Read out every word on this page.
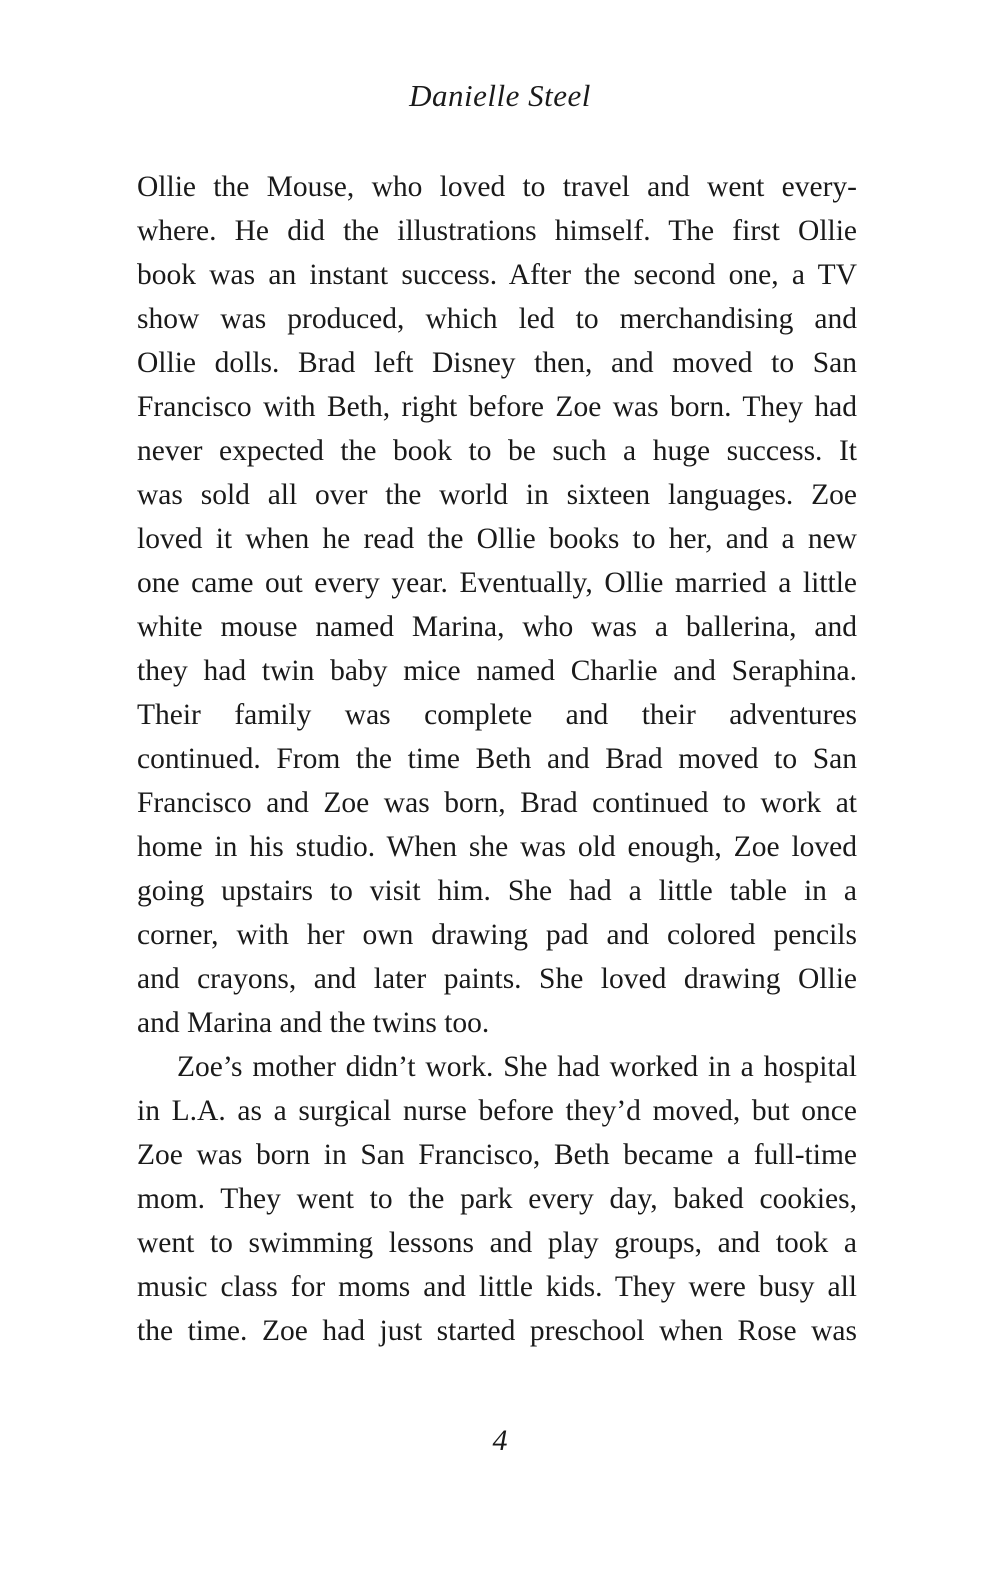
Danielle Steel
Ollie the Mouse, who loved to travel and went every-
where. He did the illustrations himself. The first Ollie
book was an instant success. After the second one, a TV
show was produced, which led to merchandising and
Ollie dolls. Brad left Disney then, and moved to San
Francisco with Beth, right before Zoe was born. They had
never expected the book to be such a huge success. It
was sold all over the world in sixteen languages. Zoe
loved it when he read the Ollie books to her, and a new
one came out every year. Eventually, Ollie married a little
white mouse named Marina, who was a ballerina, and
they had twin baby mice named Charlie and Seraphina.
Their family was complete and their adventures
continued. From the time Beth and Brad moved to San
Francisco and Zoe was born, Brad continued to work at
home in his studio. When she was old enough, Zoe loved
going upstairs to visit him. She had a little table in a
corner, with her own drawing pad and colored pencils
and crayons, and later paints. She loved drawing Ollie
and Marina and the twins too.
Zoe’s mother didn’t work. She had worked in a hospital
in L.A. as a surgical nurse before they’d moved, but once
Zoe was born in San Francisco, Beth became a full-time
mom. They went to the park every day, baked cookies,
went to swimming lessons and play groups, and took a
music class for moms and little kids. They were busy all
the time. Zoe had just started preschool when Rose was
4
